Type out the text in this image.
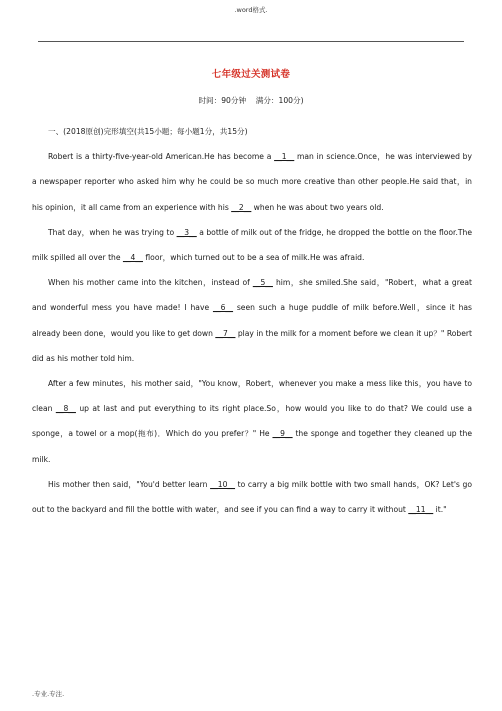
.word格式.
七年级过关测试卷
时间：90分钟    满分：100分)

一、(2018原创)完形填空(共15小题；每小题1分，共15分)

Robert is a thirty-five-year-old American.He has become a __1__ man in science.Once，he was interviewed by a newspaper reporter who asked him why he could be so much more creative than other people.He said that，in his opinion，it all came from an experience with his __2__ when he was about two years old.

That day，when he was trying to __3__ a bottle of milk out of the fridge, he dropped the bottle on the floor.The milk spilled all over the __4__ floor，which turned out to be a sea of milk.He was afraid.

When his mother came into the kitchen，instead of __5__ him，she smiled.She said，"Robert，what a great and wonderful mess you have made! I have __6__ seen such a huge puddle of milk before.Well，since it has already been done，would you like to get down __7__ play in the milk for a moment before we clean it up？" Robert did as his mother told him.

After a few minutes，his mother said，"You know，Robert，whenever you make a mess like this，you have to clean __8__ up at last and put everything to its right place.So，how would you like to do that? We could use a sponge，a towel or a mop(拖布)．Which do you prefer？" He __9__ the sponge and together they cleaned up the milk.

His mother then said，"You'd better learn __10__ to carry a big milk bottle with two small hands，OK? Let's go out to the backyard and fill the bottle with water，and see if you can find a way to carry it without __11__ it."

.专业.专注.
